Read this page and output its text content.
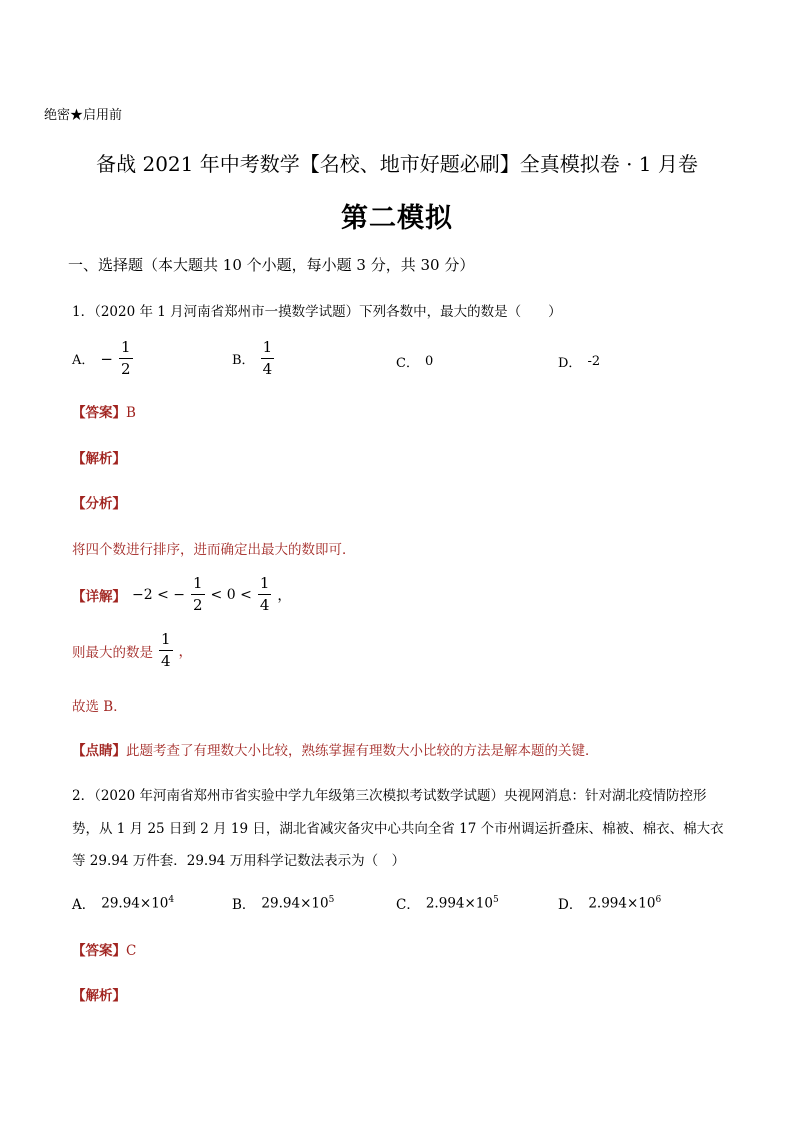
绝密★启用前
备战 2021 年中考数学【名校、地市好题必刷】全真模拟卷 · 1 月卷
第二模拟
一、选择题（本大题共 10 个小题，每小题 3 分，共 30 分）
1．（2020 年 1 月河南省郑州市一摸数学试题）下列各数中，最大的数是（　　）
A． − $\frac{1}{2}$	B． $\frac{1}{4}$	C． 0	D． -2
【答案】B
【解析】
【分析】
将四个数进行排序，进而确定出最大的数即可．
【详解】 −2 < − $\frac{1}{2} < 0 < \frac{1}{4}$ ，
则最大的数是 $\frac{1}{4}$ ，
故选 B．
【点睛】此题考查了有理数大小比较，熟练掌握有理数大小比较的方法是解本题的关键．
2．（2020 年河南省郑州市省实验中学九年级第三次模拟考试数学试题）央视网消息：针对湖北疫情防控形
势，从 1 月 25 日到 2 月 19 日，湖北省减灾备灾中心共向全省 17 个市州调运折叠床、棉被、棉衣、棉大衣
等 29.94 万件套．29.94 万用科学记数法表示为（　）
A． $29.94\times 10^4$	B． $29.94\times 10^5$	C． $2.994\times 10^5$	D． $2.994\times 10^6$
【答案】C
【解析】
